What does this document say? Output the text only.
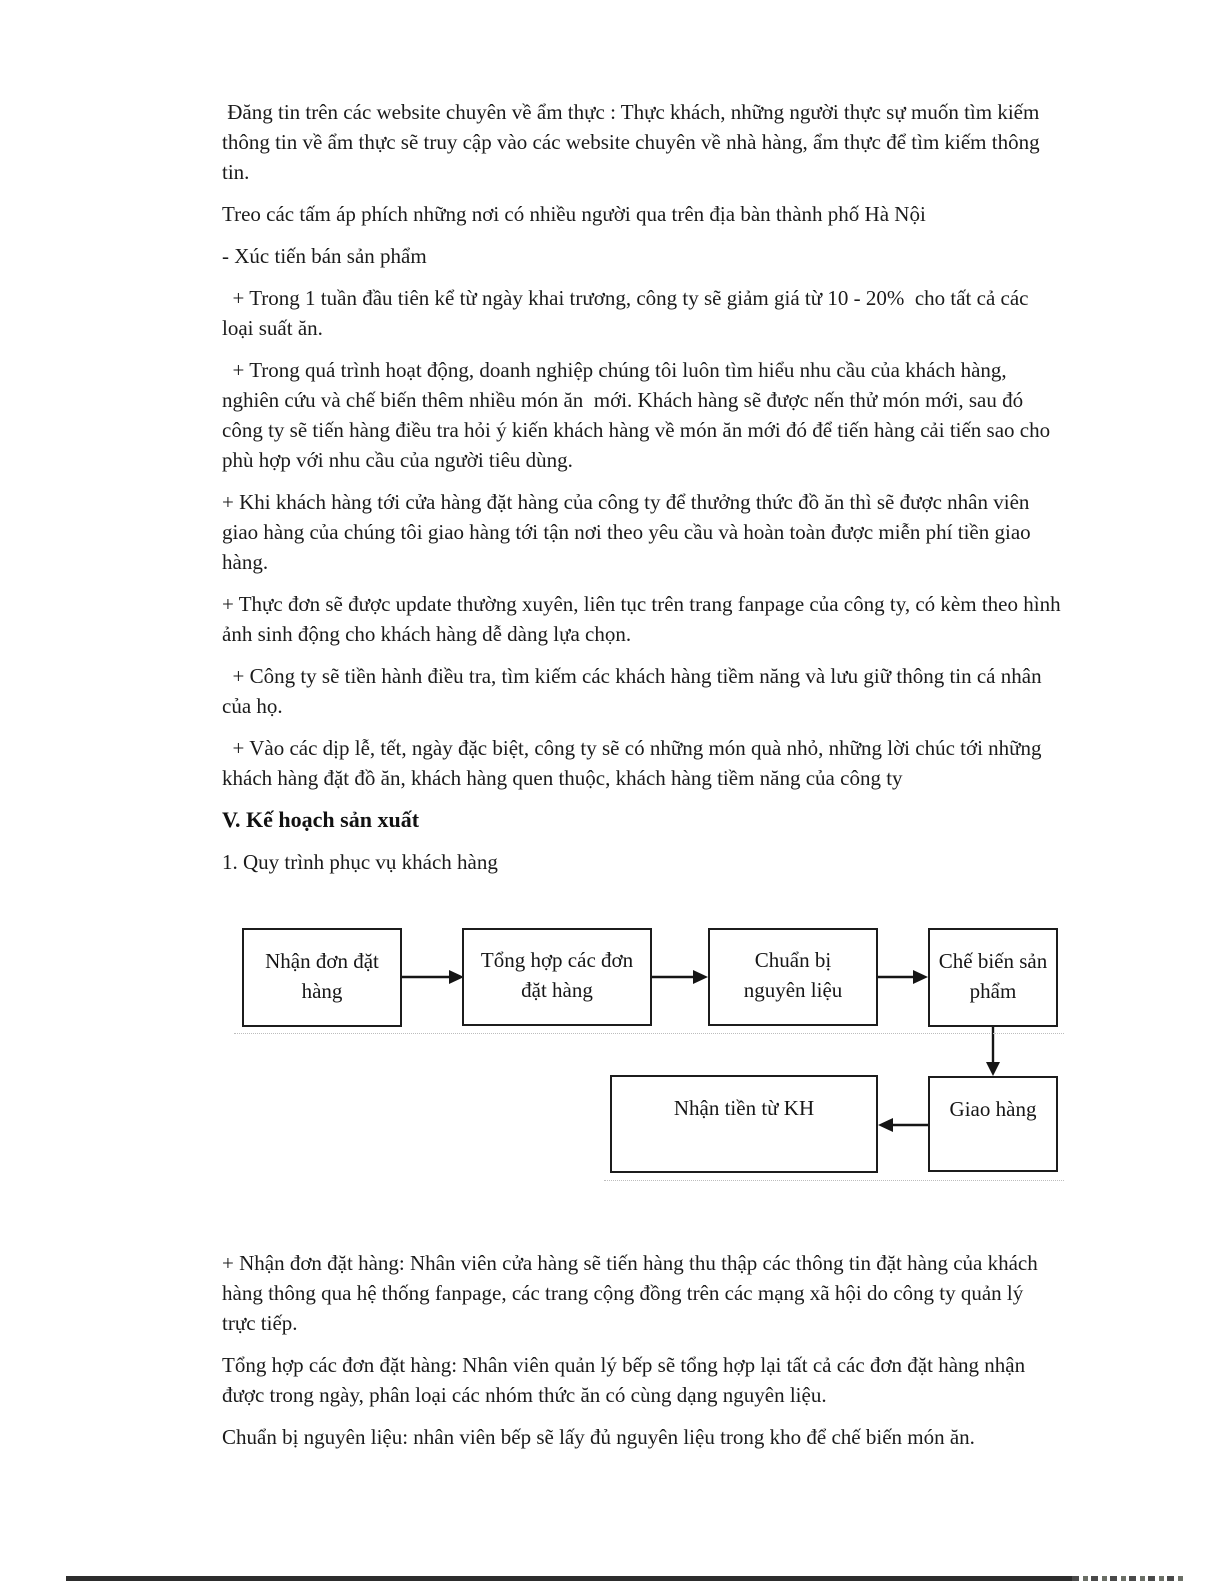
Đăng tin trên các website chuyên về ẩm thực : Thực khách, những người thực sự muốn tìm kiếm thông tin về ẩm thực sẽ truy cập vào các website chuyên về nhà hàng, ẩm thực để tìm kiếm thông tin.

Treo các tấm áp phích những nơi có nhiều người qua trên địa bàn thành phố Hà Nội

- Xúc tiến bán sản phẩm

+ Trong 1 tuần đầu tiên kể từ ngày khai trương, công ty sẽ giảm giá từ 10 - 20%  cho tất cả các loại suất ăn.

+ Trong quá trình hoạt động, doanh nghiệp chúng tôi luôn tìm hiểu nhu cầu của khách hàng, nghiên cứu và chế biến thêm nhiều món ăn  mới. Khách hàng sẽ được nến thử món mới, sau đó công ty sẽ tiến hàng điều tra hỏi ý kiến khách hàng về món ăn mới đó để tiến hàng cải tiến sao cho phù hợp với nhu cầu của người tiêu dùng.

+ Khi khách hàng tới cửa hàng đặt hàng của công ty để thưởng thức đồ ăn thì sẽ được nhân viên giao hàng của chúng tôi giao hàng tới tận nơi theo yêu cầu và hoàn toàn được miễn phí tiền giao hàng.

+ Thực đơn sẽ được update thường xuyên, liên tục trên trang fanpage của công ty, có kèm theo hình ảnh sinh động cho khách hàng dễ dàng lựa chọn.

+ Công ty sẽ tiền hành điều tra, tìm kiếm các khách hàng tiềm năng và lưu giữ thông tin cá nhân của họ.

+ Vào các dịp lễ, tết, ngày đặc biệt, công ty sẽ có những món quà nhỏ, những lời chúc tới những khách hàng đặt đồ ăn, khách hàng quen thuộc, khách hàng tiềm năng của công ty

V. Kế hoạch sản xuất

1. Quy trình phục vụ khách hàng

Nhận đơn đặt hàng
Tổng hợp các đơn đặt hàng
Chuẩn bị nguyên liệu
Chế biến sản phẩm
Nhận tiền từ KH	Giao hàng

+ Nhận đơn đặt hàng: Nhân viên cửa hàng sẽ tiến hàng thu thập các thông tin đặt hàng của khách hàng thông qua hệ thống fanpage, các trang cộng đồng trên các mạng xã hội do công ty quản lý trực tiếp.

Tổng hợp các đơn đặt hàng: Nhân viên quản lý bếp sẽ tổng hợp lại tất cả các đơn đặt hàng nhận được trong ngày, phân loại các nhóm thức ăn có cùng dạng nguyên liệu.

Chuẩn bị nguyên liệu: nhân viên bếp sẽ lấy đủ nguyên liệu trong kho để chế biến món ăn.
